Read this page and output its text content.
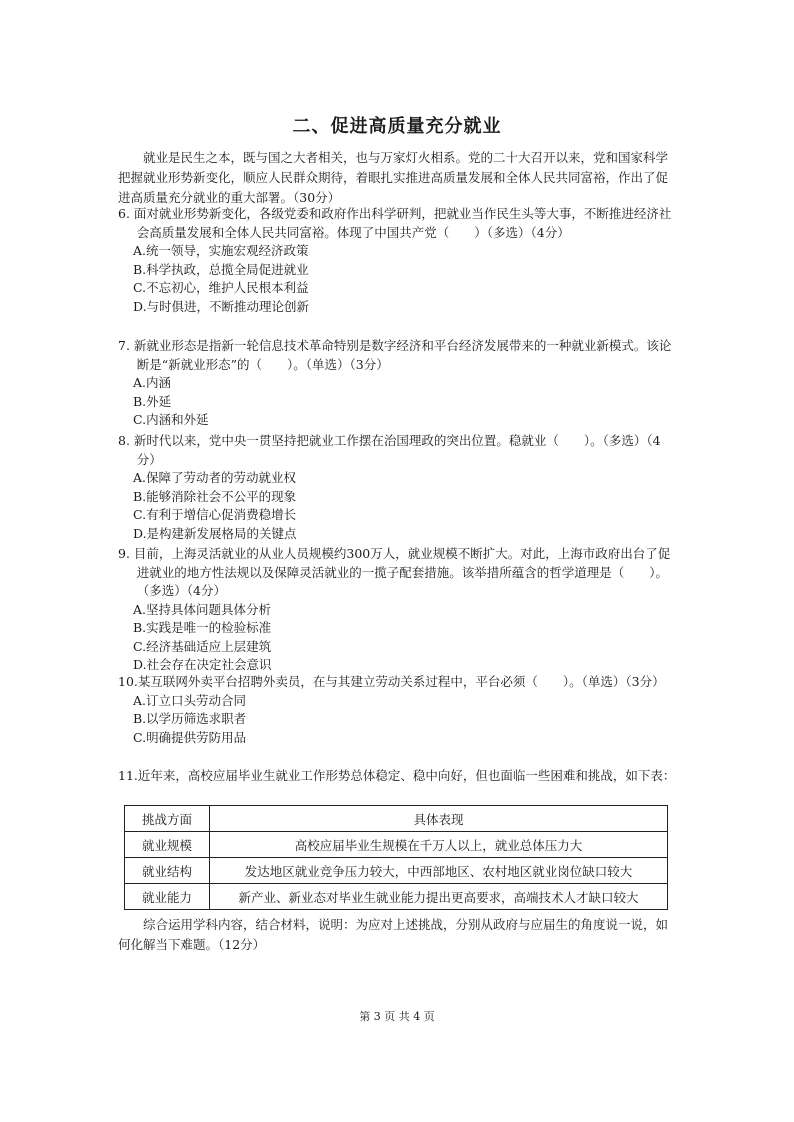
二、促进高质量充分就业
就业是民生之本，既与国之大者相关，也与万家灯火相系。党的二十大召开以来，党和国家科学把握就业形势新变化，顺应人民群众期待，着眼扎实推进高质量发展和全体人民共同富裕，作出了促进高质量充分就业的重大部署。（30分）
6. 面对就业形势新变化，各级党委和政府作出科学研判，把就业当作民生头等大事，不断推进经济社会高质量发展和全体人民共同富裕。体现了中国共产党（　　）（多选）（4分）
A.统一领导，实施宏观经济政策
B.科学执政，总揽全局促进就业
C.不忘初心，维护人民根本利益
D.与时俱进，不断推动理论创新
7. 新就业形态是指新一轮信息技术革命特别是数字经济和平台经济发展带来的一种就业新模式。该论断是“新就业形态”的（　　）。（单选）（3分）
A.内涵
B.外延
C.内涵和外延
8. 新时代以来，党中央一贯坚持把就业工作摆在治国理政的突出位置。稳就业（　　）。（多选）（4分）
A.保障了劳动者的劳动就业权
B.能够消除社会不公平的现象
C.有利于增信心促消费稳增长
D.是构建新发展格局的关键点
9. 目前，上海灵活就业的从业人员规模约300万人，就业规模不断扩大。对此，上海市政府出台了促进就业的地方性法规以及保障灵活就业的一揽子配套措施。该举措所蕴含的哲学道理是（　　）。（多选）（4分）
A.坚持具体问题具体分析
B.实践是唯一的检验标准
C.经济基础适应上层建筑
D.社会存在决定社会意识
10.某互联网外卖平台招聘外卖员，在与其建立劳动关系过程中，平台必须（　　）。（单选）（3分）
A.订立口头劳动合同
B.以学历筛选求职者
C.明确提供劳防用品
11.近年来，高校应届毕业生就业工作形势总体稳定、稳中向好，但也面临一些困难和挑战，如下表：
挑战方面	具体表现
就业规模	高校应届毕业生规模在千万人以上，就业总体压力大
就业结构	发达地区就业竞争压力较大，中西部地区、农村地区就业岗位缺口较大
就业能力	新产业、新业态对毕业生就业能力提出更高要求，高端技术人才缺口较大
综合运用学科内容，结合材料，说明：为应对上述挑战，分别从政府与应届生的角度说一说，如何化解当下难题。（12分）
第 3 页 共 4 页
